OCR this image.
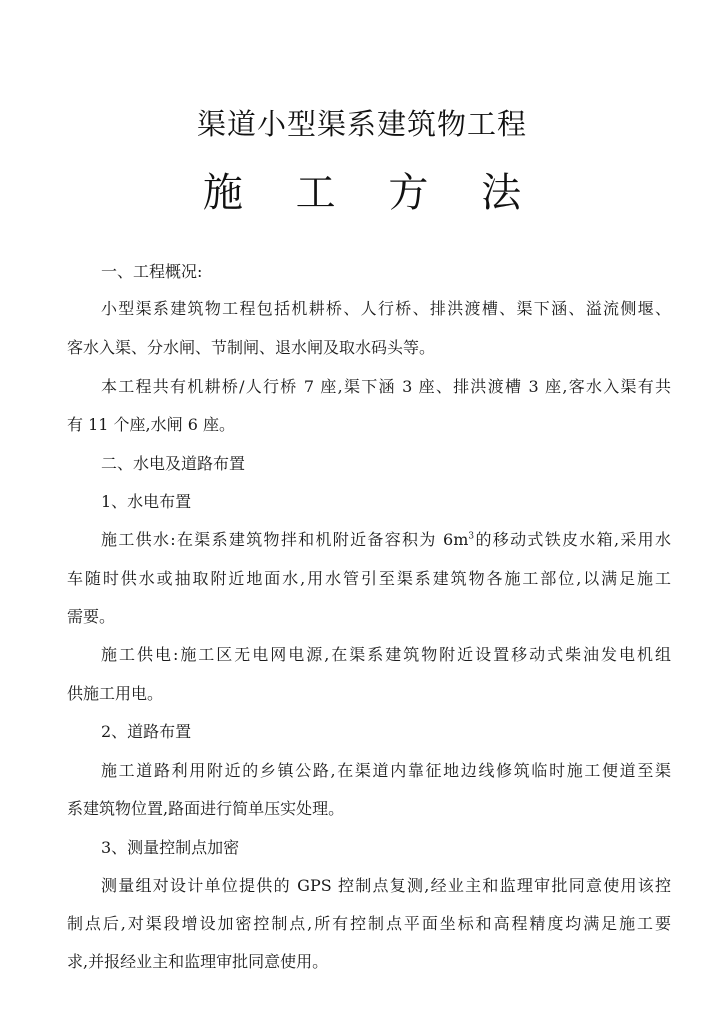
渠道小型渠系建筑物工程
施 工 方 法
一、工程概况:
小型渠系建筑物工程包括机耕桥、人行桥、排洪渡槽、渠下涵、溢流侧堰、
客水入渠、分水闸、节制闸、退水闸及取水码头等。
本工程共有机耕桥/人行桥 7 座,渠下涵 3 座、排洪渡槽 3 座,客水入渠有共
有 11 个座,水闸 6 座。
二、水电及道路布置
1、水电布置
施工供水:在渠系建筑物拌和机附近备容积为 $6m^3$的移动式铁皮水箱,采用水
车随时供水或抽取附近地面水,用水管引至渠系建筑物各施工部位,以满足施工
需要。
施工供电:施工区无电网电源,在渠系建筑物附近设置移动式柴油发电机组
供施工用电。
2、道路布置
施工道路利用附近的乡镇公路,在渠道内靠征地边线修筑临时施工便道至渠
系建筑物位置,路面进行简单压实处理。
3、测量控制点加密
测量组对设计单位提供的 GPS 控制点复测,经业主和监理审批同意使用该控
制点后,对渠段增设加密控制点,所有控制点平面坐标和高程精度均满足施工要
求,并报经业主和监理审批同意使用。
